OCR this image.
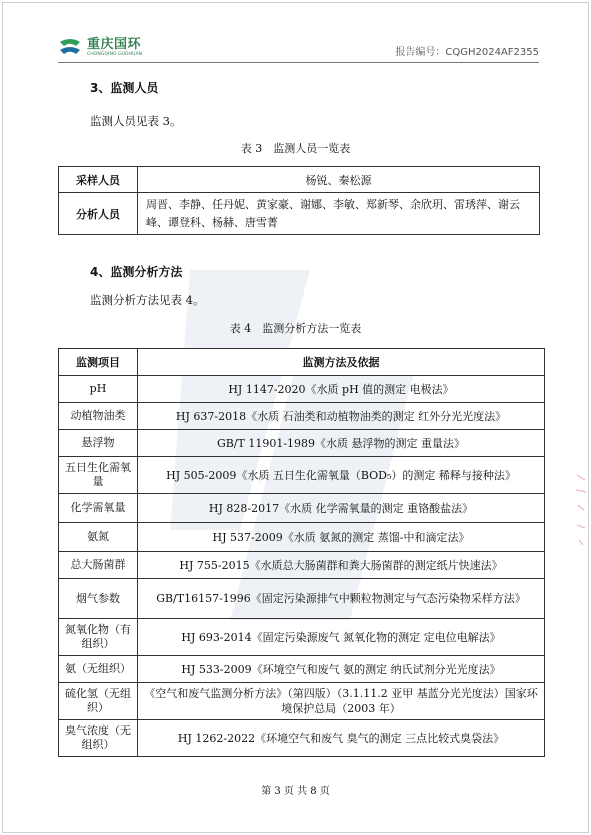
重庆国环
CHONGQING GUOHUAN	报告编号：CQGH2024AF2355
3、监测人员
监测人员见表 3。
表 3　监测人员一览表
采样人员	杨锐、秦松源
分析人员	周晋、李静、任丹妮、黄家豪、谢娜、李敏、郑新琴、余欣玥、雷琇萍、谢云峰、谭登科、杨赫、唐雪菁
4、监测分析方法
监测分析方法见表 4。
表 4　监测分析方法一览表
监测项目	监测方法及依据
pH	HJ 1147-2020《水质 pH 值的测定 电极法》
动植物油类	HJ 637-2018《水质 石油类和动植物油类的测定 红外分光光度法》
悬浮物	GB/T 11901-1989《水质 悬浮物的测定 重量法》
五日生化需氧量	HJ 505-2009《水质 五日生化需氧量（BOD₅）的测定 稀释与接种法》
化学需氧量	HJ 828-2017《水质 化学需氧量的测定 重铬酸盐法》
氨氮	HJ 537-2009《水质 氨氮的测定 蒸馏-中和滴定法》
总大肠菌群	HJ 755-2015《水质总大肠菌群和粪大肠菌群的测定纸片快速法》
烟气参数	GB/T16157-1996《固定污染源排气中颗粒物测定与气态污染物采样方法》
氮氧化物（有组织）	HJ 693-2014《固定污染源废气 氮氧化物的测定 定电位电解法》
氨（无组织）	HJ 533-2009《环境空气和废气 氨的测定 纳氏试剂分光光度法》
硫化氢（无组织）	《空气和废气监测分析方法》（第四版）（3.1.11.2 亚甲 基蓝分光光度法）国家环境保护总局（2003 年）
臭气浓度（无组织）	HJ 1262-2022《环境空气和废气 臭气的测定 三点比较式臭袋法》
第 3 页 共 8 页
